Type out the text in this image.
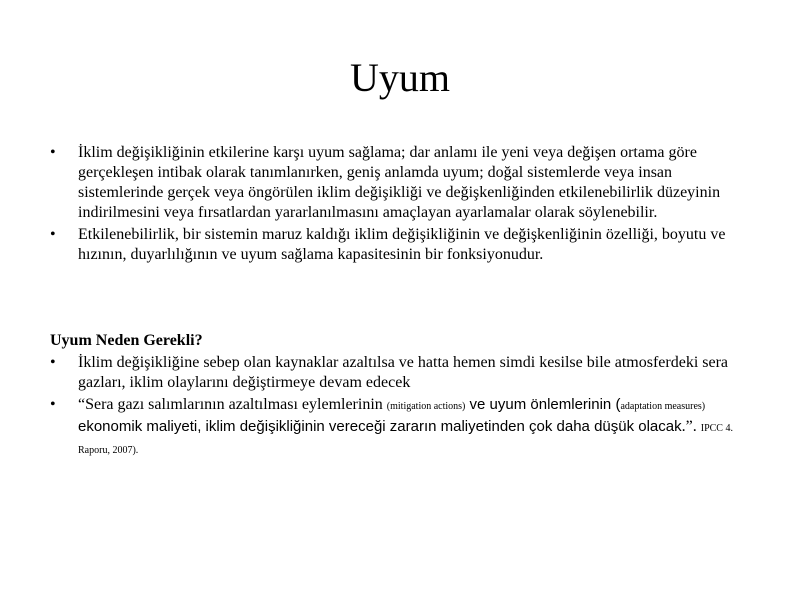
Uyum
•	İklim değişikliğinin etkilerine karşı uyum sağlama; dar anlamı ile yeni veya değişen ortama göre gerçekleşen intibak olarak tanımlanırken, geniş anlamda uyum; doğal sistemlerde veya insan sistemlerinde gerçek veya öngörülen iklim değişikliği ve değişkenliğinden etkilenebilirlik düzeyinin indirilmesini veya fırsatlardan yararlanılmasını amaçlayan ayarlamalar olarak söylenebilir.
•	Etkilenebilirlik, bir sistemin maruz kaldığı iklim değişikliğinin ve değişkenliğinin özelliği, boyutu ve hızının, duyarlılığının ve uyum sağlama kapasitesinin bir fonksiyonudur.
Uyum Neden Gerekli?
•	İklim değişikliğine sebep olan kaynaklar azaltılsa ve hatta hemen simdi kesilse bile atmosferdeki sera gazları, iklim olaylarını değiştirmeye devam edecek
•	“Sera gazı salımlarının azaltılması eylemlerinin (mitigation actions) ve uyum önlemlerinin (adaptation measures) ekonomik maliyeti, iklim değişikliğinin vereceği zararın maliyetinden çok daha düşük olacak.”. IPCC 4. Raporu, 2007).
